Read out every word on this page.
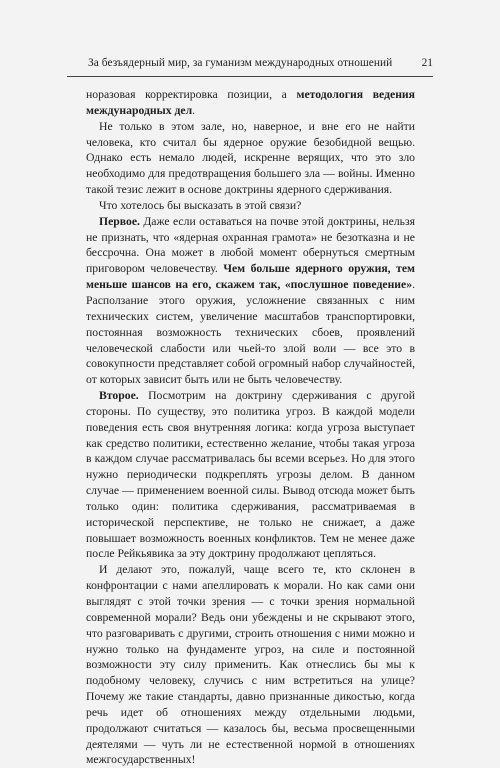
За безъядерный мир, за гуманизм международных отношений	21

норазовая корректировка позиции, а методология ведения международных дел.

Не только в этом зале, но, наверное, и вне его не найти человека, кто считал бы ядерное оружие безобидной вещью. Однако есть немало людей, искренне верящих, что это зло необходимо для предотвращения большего зла — войны. Именно такой тезис лежит в основе доктрины ядерного сдерживания.

Что хотелось бы высказать в этой связи?

Первое. Даже если оставаться на почве этой доктрины, нельзя не признать, что «ядерная охранная грамота» не безотказна и не бессрочна. Она может в любой момент обернуться смертным приговором человечеству. Чем больше ядерного оружия, тем меньше шансов на его, скажем так, «послушное поведение». Расползание этого оружия, усложнение связанных с ним технических систем, увеличение масштабов транспортировки, постоянная возможность технических сбоев, проявлений человеческой слабости или чьей-то злой воли — все это в совокупности представляет собой огромный набор случайностей, от которых зависит быть или не быть человечеству.

Второе. Посмотрим на доктрину сдерживания с другой стороны. По существу, это политика угроз. В каждой модели поведения есть своя внутренняя логика: когда угроза выступает как средство политики, естественно желание, чтобы такая угроза в каждом случае рассматривалась бы всеми всерьез. Но для этого нужно периодически подкреплять угрозы делом. В данном случае — применением военной силы. Вывод отсюда может быть только один: политика сдерживания, рассматриваемая в исторической перспективе, не только не снижает, а даже повышает возможность военных конфликтов. Тем не менее даже после Рейкьявика за эту доктрину продолжают цепляться.

И делают это, пожалуй, чаще всего те, кто склонен в конфронтации с нами апеллировать к морали. Но как сами они выглядят с этой точки зрения — с точки зрения нормальной современной морали? Ведь они убеждены и не скрывают этого, что разговаривать с другими, строить отношения с ними можно и нужно только на фундаменте угроз, на силе и постоянной возможности эту силу применить. Как отнеслись бы мы к подобному человеку, случись с ним встретиться на улице? Почему же такие стандарты, давно признанные дикостью, когда речь идет об отношениях между отдельными людьми, продолжают считаться — казалось бы, весьма просвещенными деятелями — чуть ли не естественной нормой в отношениях межгосударственных!
